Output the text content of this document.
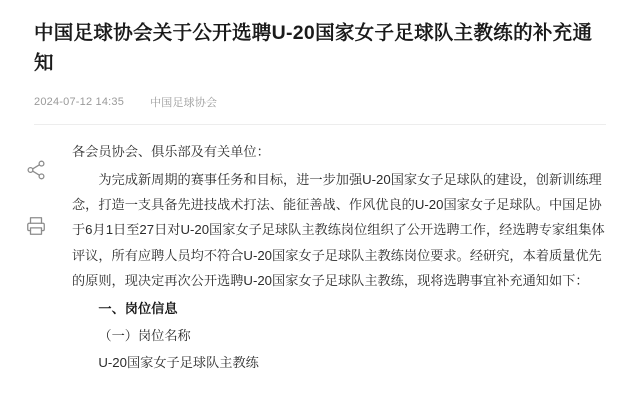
中国足球协会关于公开选聘U-20国家女子足球队主教练的补充通知
2024-07-12 14:35 中国足球协会

各会员协会、俱乐部及有关单位：

为完成新周期的赛事任务和目标，进一步加强U-20国家女子足球队的建设，创新训练理念，打造一支具备先进技战术打法、能征善战、作风优良的U-20国家女子足球队。中国足协于6月1日至27日对U-20国家女子足球队主教练岗位组织了公开选聘工作，经选聘专家组集体评议，所有应聘人员均不符合U-20国家女子足球队主教练岗位要求。经研究，本着质量优先的原则，现决定再次公开选聘U-20国家女子足球队主教练，现将选聘事宜补充通知如下：

一、岗位信息

（一）岗位名称

U-20国家女子足球队主教练
